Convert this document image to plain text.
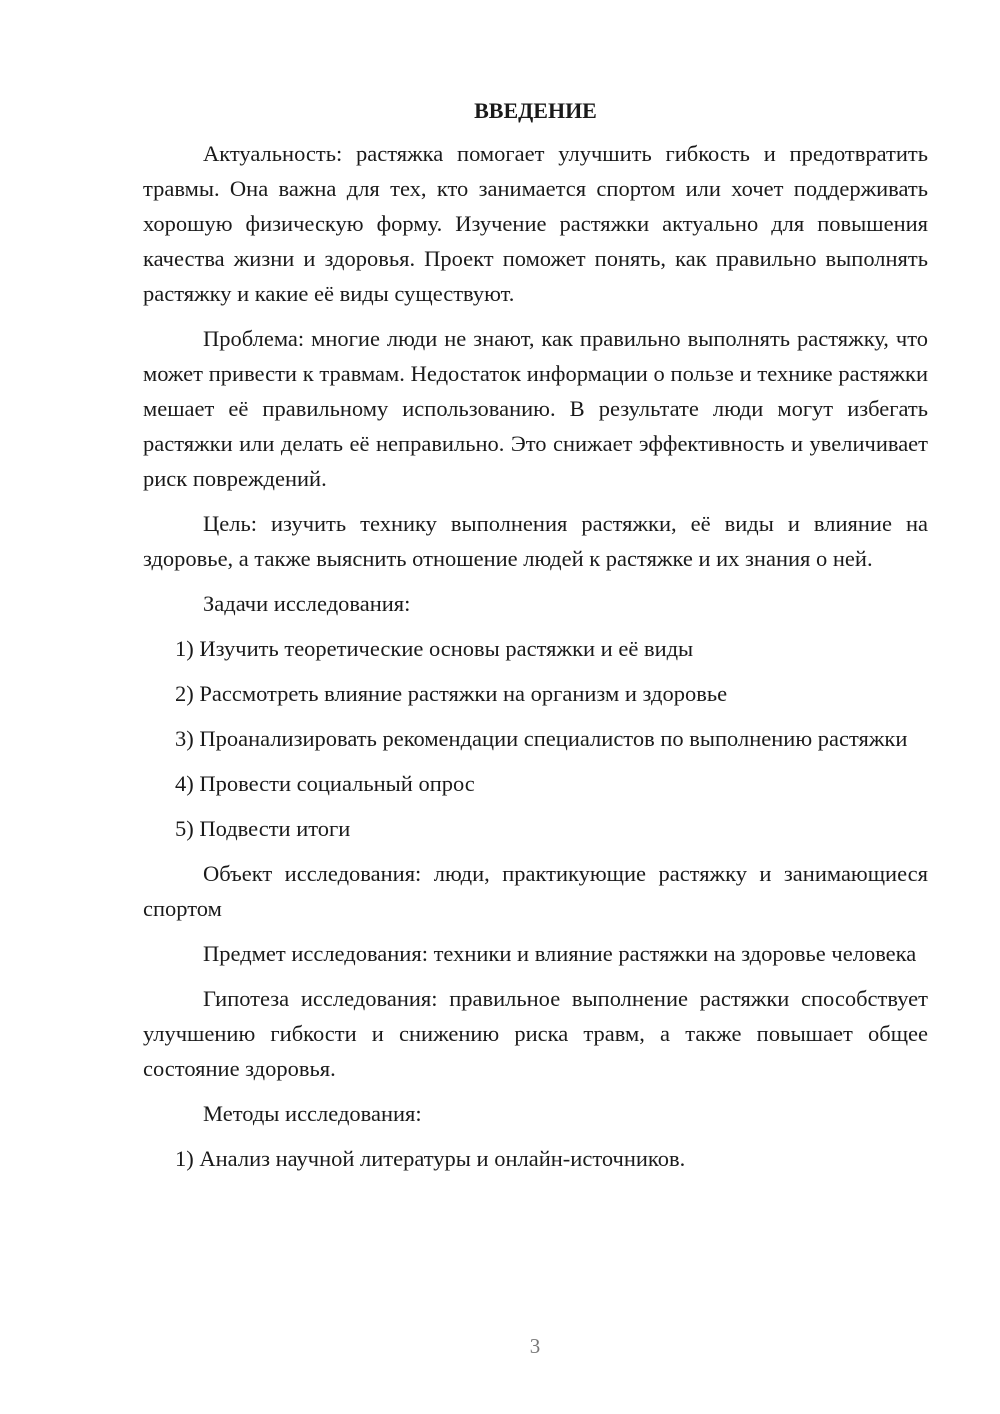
ВВЕДЕНИЕ

Актуальность: растяжка помогает улучшить гибкость и предотвратить травмы. Она важна для тех, кто занимается спортом или хочет поддерживать хорошую физическую форму. Изучение растяжки актуально для повышения качества жизни и здоровья. Проект поможет понять, как правильно выполнять растяжку и какие её виды существуют.

Проблема: многие люди не знают, как правильно выполнять растяжку, что может привести к травмам. Недостаток информации о пользе и технике растяжки мешает её правильному использованию. В результате люди могут избегать растяжки или делать её неправильно. Это снижает эффективность и увеличивает риск повреждений.

Цель: изучить технику выполнения растяжки, её виды и влияние на здоровье, а также выяснить отношение людей к растяжке и их знания о ней.

Задачи исследования:

1) Изучить теоретические основы растяжки и её виды

2) Рассмотреть влияние растяжки на организм и здоровье

3) Проанализировать рекомендации специалистов по выполнению растяжки

4) Провести социальный опрос

5) Подвести итоги

Объект исследования: люди, практикующие растяжку и занимающиеся спортом

Предмет исследования: техники и влияние растяжки на здоровье человека

Гипотеза исследования: правильное выполнение растяжки способствует улучшению гибкости и снижению риска травм, а также повышает общее состояние здоровья.

Методы исследования:

1) Анализ научной литературы и онлайн-источников.

3
